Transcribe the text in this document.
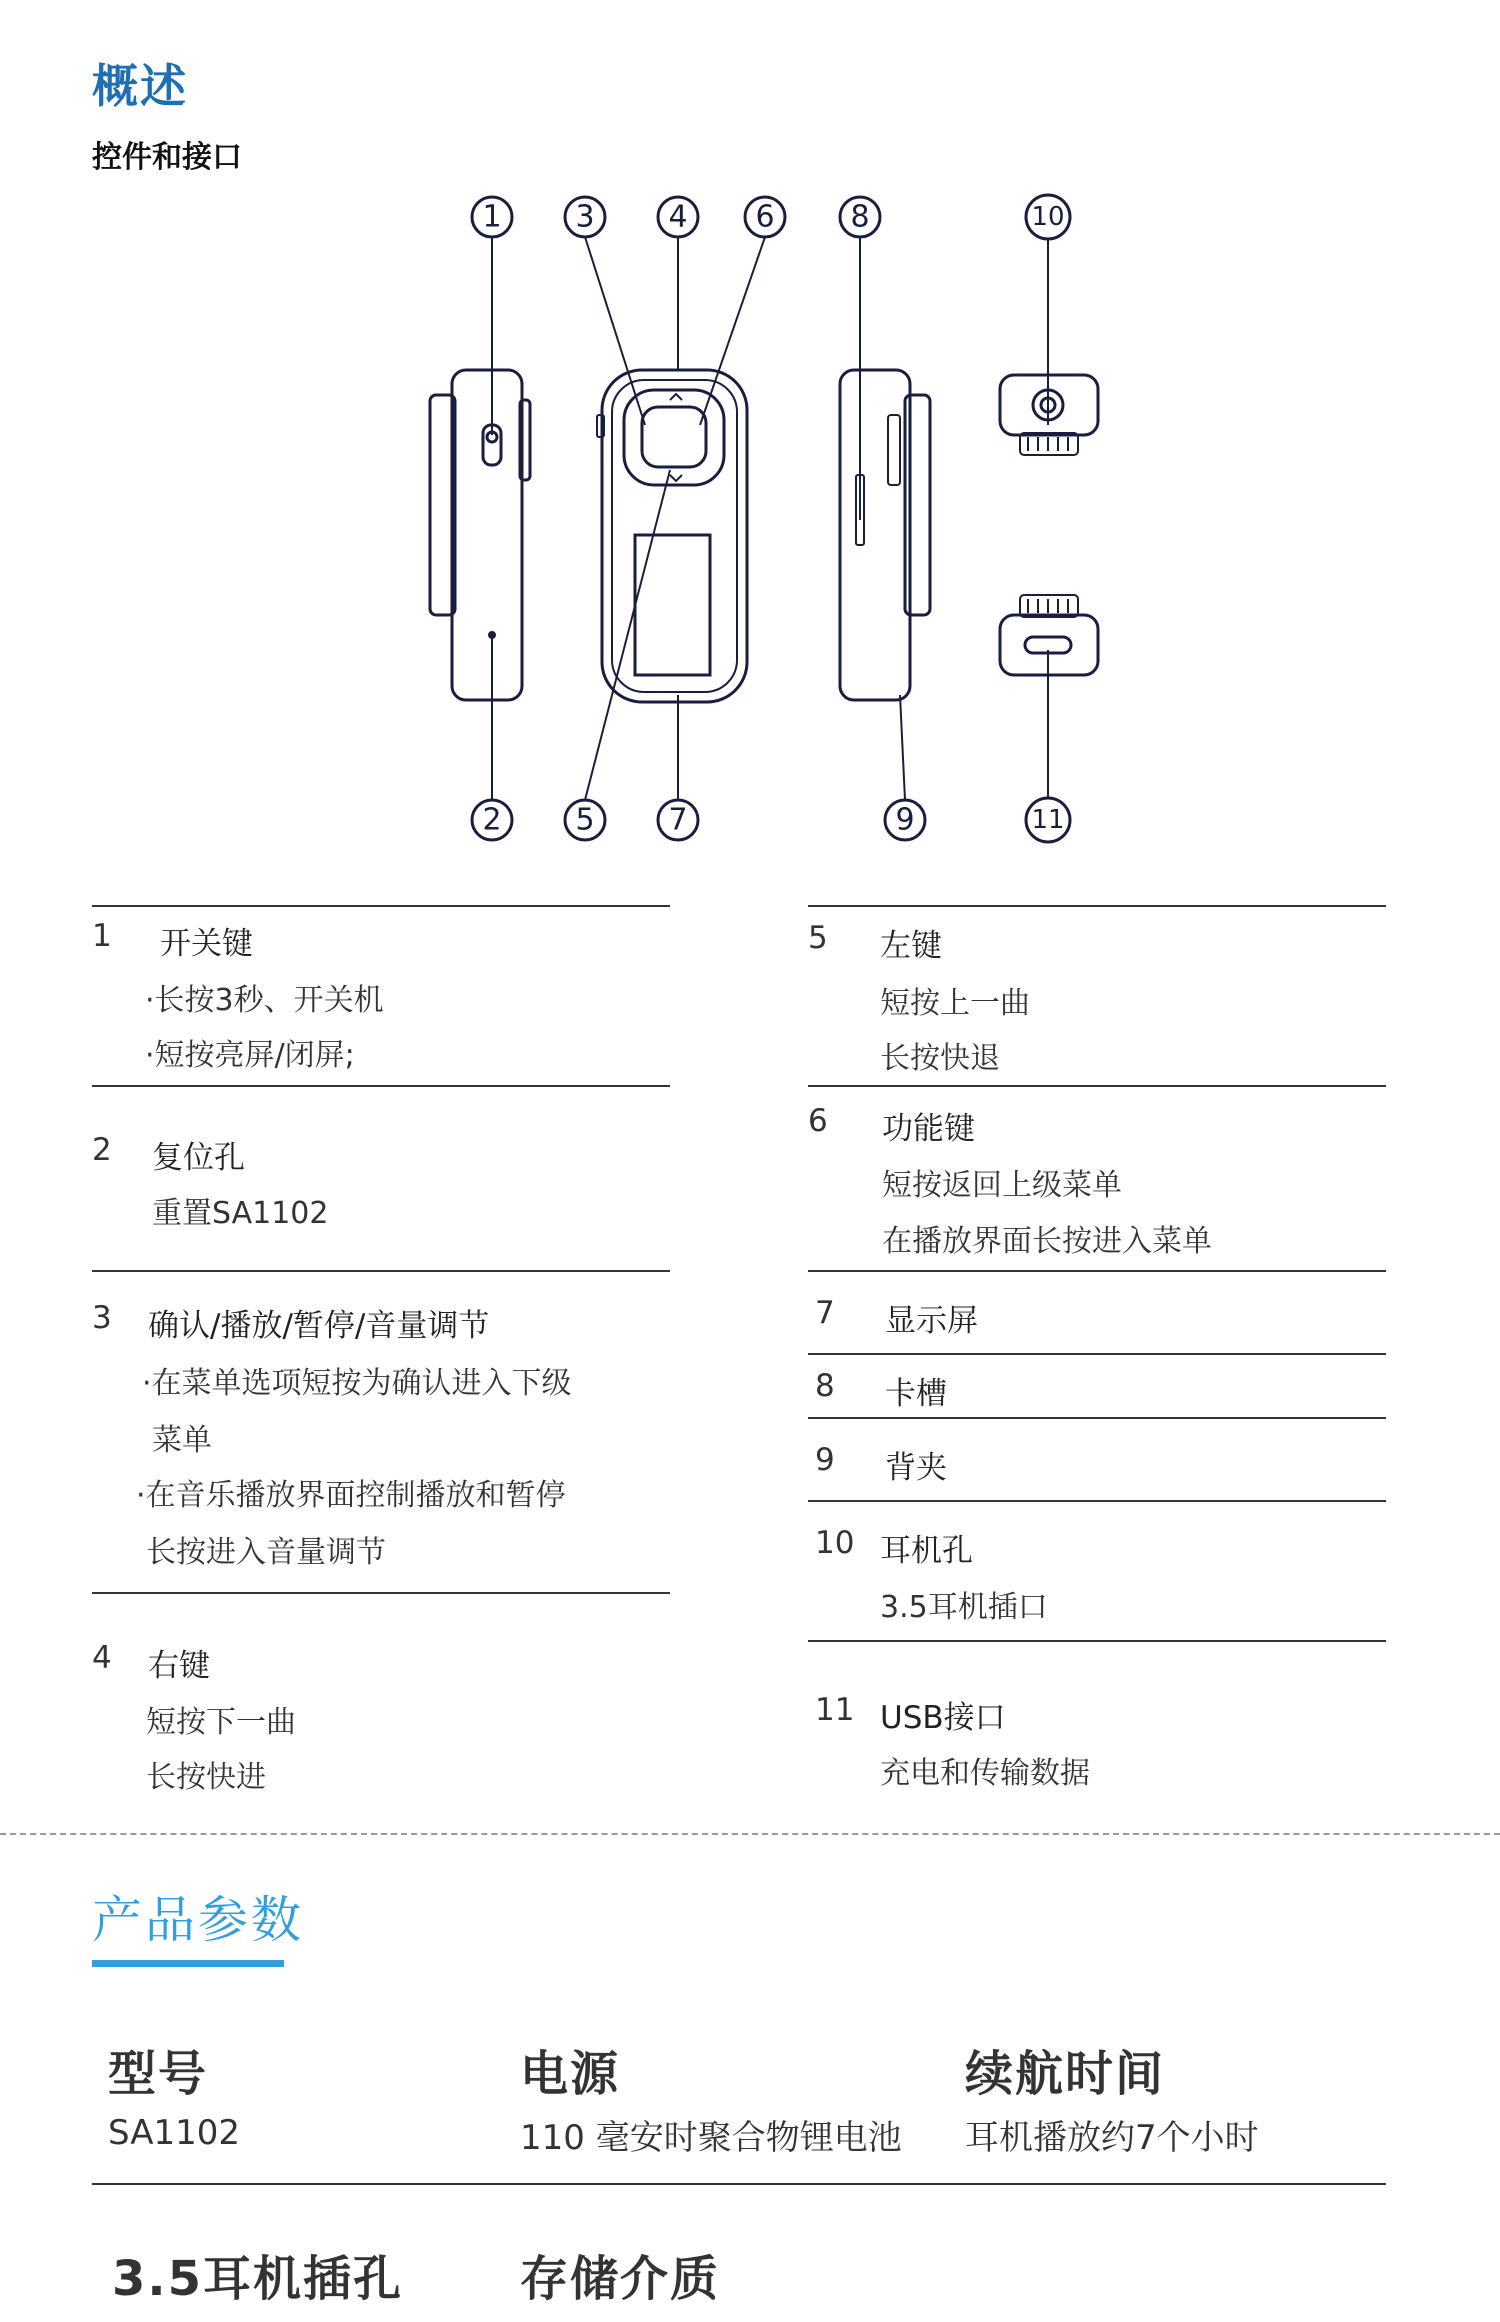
概述
控件和接口
1 3 4 6	8	10
2 5 7	9	11
1 开关键
·长按3秒、开关机
·短按亮屏/闭屏;
2 复位孔
重置SA1102
3 确认/播放/暂停/音量调节
·在菜单选项短按为确认进入下级
菜单
·在音乐播放界面控制播放和暂停
长按进入音量调节
4 右键
短按下一曲
长按快进
5 左键
短按上一曲
长按快退
6 功能键
短按返回上级菜单
在播放界面长按进入菜单
7 显示屏
8 卡槽
9 背夹
10 耳机孔
3.5耳机插口
11 USB接口
充电和传输数据
产品参数
型号
SA1102
电源
110 毫安时聚合物锂电池
续航时间
耳机播放约7个小时
3.5耳机插孔 存储介质
